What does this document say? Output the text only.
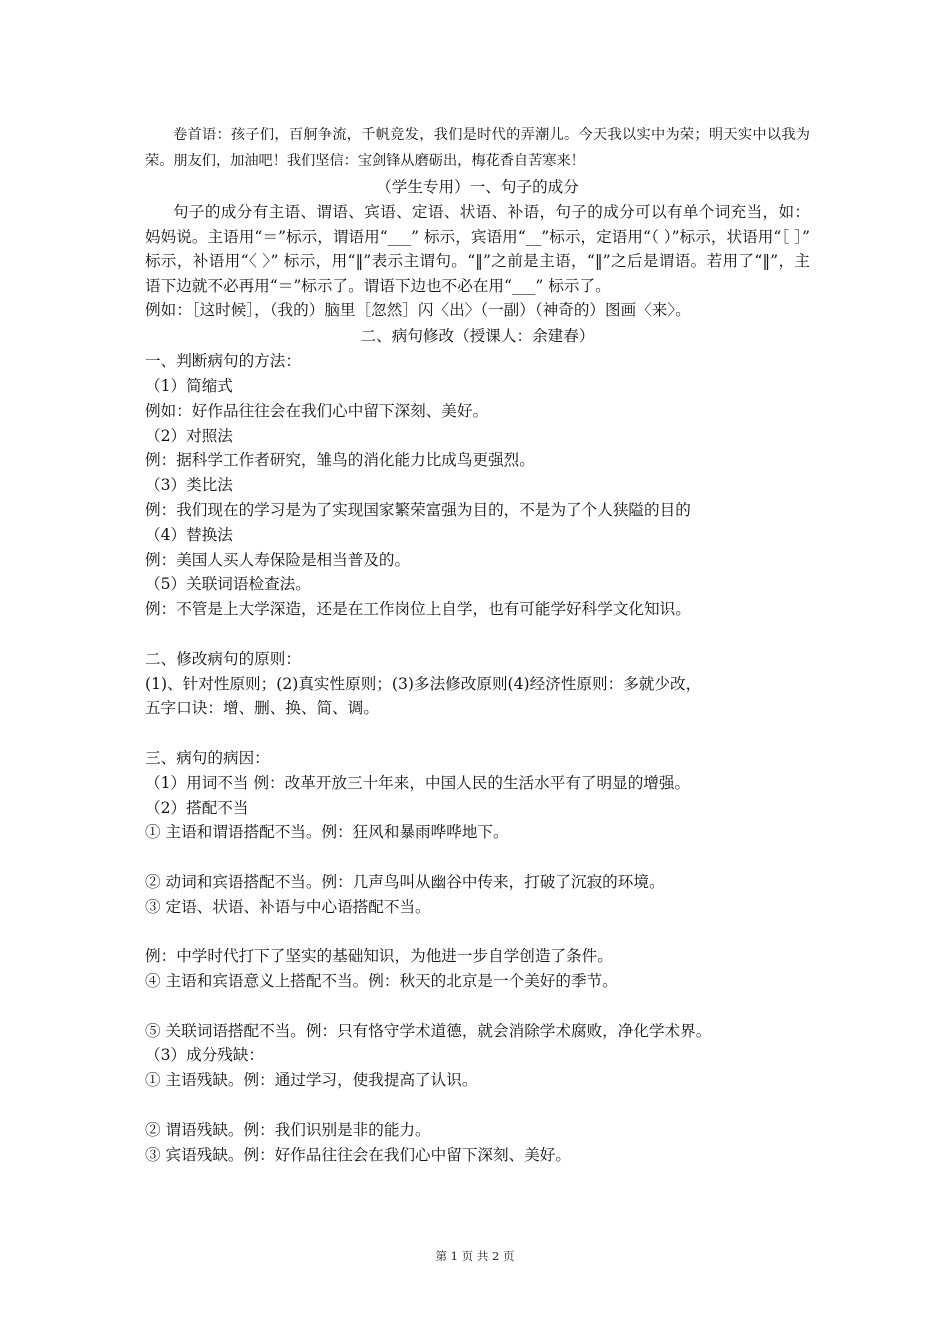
卷首语：孩子们，百舸争流，千帆竞发，我们是时代的弄潮儿。今天我以实中为荣；明天实中以我为荣。朋友们，加油吧！我们坚信：宝剑锋从磨砺出，梅花香自苦寒来！
（学生专用）一、句子的成分
句子的成分有主语、谓语、宾语、定语、状语、补语，句子的成分可以有单个词充当，如：妈妈说。主语用“＝”标示，谓语用“___” 标示，宾语用“__”标示，定语用“（ ）”标示，状语用“［ ］” 标示，补语用“〈 〉” 标示，用“‖”表示主谓句。“‖”之前是主语，“‖”之后是谓语。若用了“‖”，主语下边就不必再用“＝”标示了。谓语下边也不必在用“___” 标示了。
例如：［这时候］，（我的）脑里［忽然］闪〈出〉（一副）（神奇的）图画〈来〉。
二、病句修改（授课人：余建春）
一、判断病句的方法：
（1）简缩式
例如：好作品往往会在我们心中留下深刻、美好。
（2）对照法
例：据科学工作者研究，雏鸟的消化能力比成鸟更强烈。
（3）类比法
例：我们现在的学习是为了实现国家繁荣富强为目的，不是为了个人狭隘的目的
（4）替换法
例：美国人买人寿保险是相当普及的。
（5）关联词语检查法。
例：不管是上大学深造，还是在工作岗位上自学，也有可能学好科学文化知识。
二、修改病句的原则：
(1)、针对性原则；(2)真实性原则；(3)多法修改原则(4)经济性原则：多就少改，
五字口诀：增、删、换、简、调。
三、病句的病因：
（1）用词不当 例：改革开放三十年来，中国人民的生活水平有了明显的增强。
（2）搭配不当
① 主语和谓语搭配不当。例：狂风和暴雨哗哗地下。
② 动词和宾语搭配不当。例：几声鸟叫从幽谷中传来，打破了沉寂的环境。
③ 定语、状语、补语与中心语搭配不当。
例：中学时代打下了坚实的基础知识，为他进一步自学创造了条件。
④ 主语和宾语意义上搭配不当。例：秋天的北京是一个美好的季节。
⑤ 关联词语搭配不当。例：只有恪守学术道德，就会消除学术腐败，净化学术界。
（3）成分残缺：
① 主语残缺。例：通过学习，使我提高了认识。
② 谓语残缺。例：我们识别是非的能力。
③ 宾语残缺。例：好作品往往会在我们心中留下深刻、美好。
第 1 页 共 2 页
